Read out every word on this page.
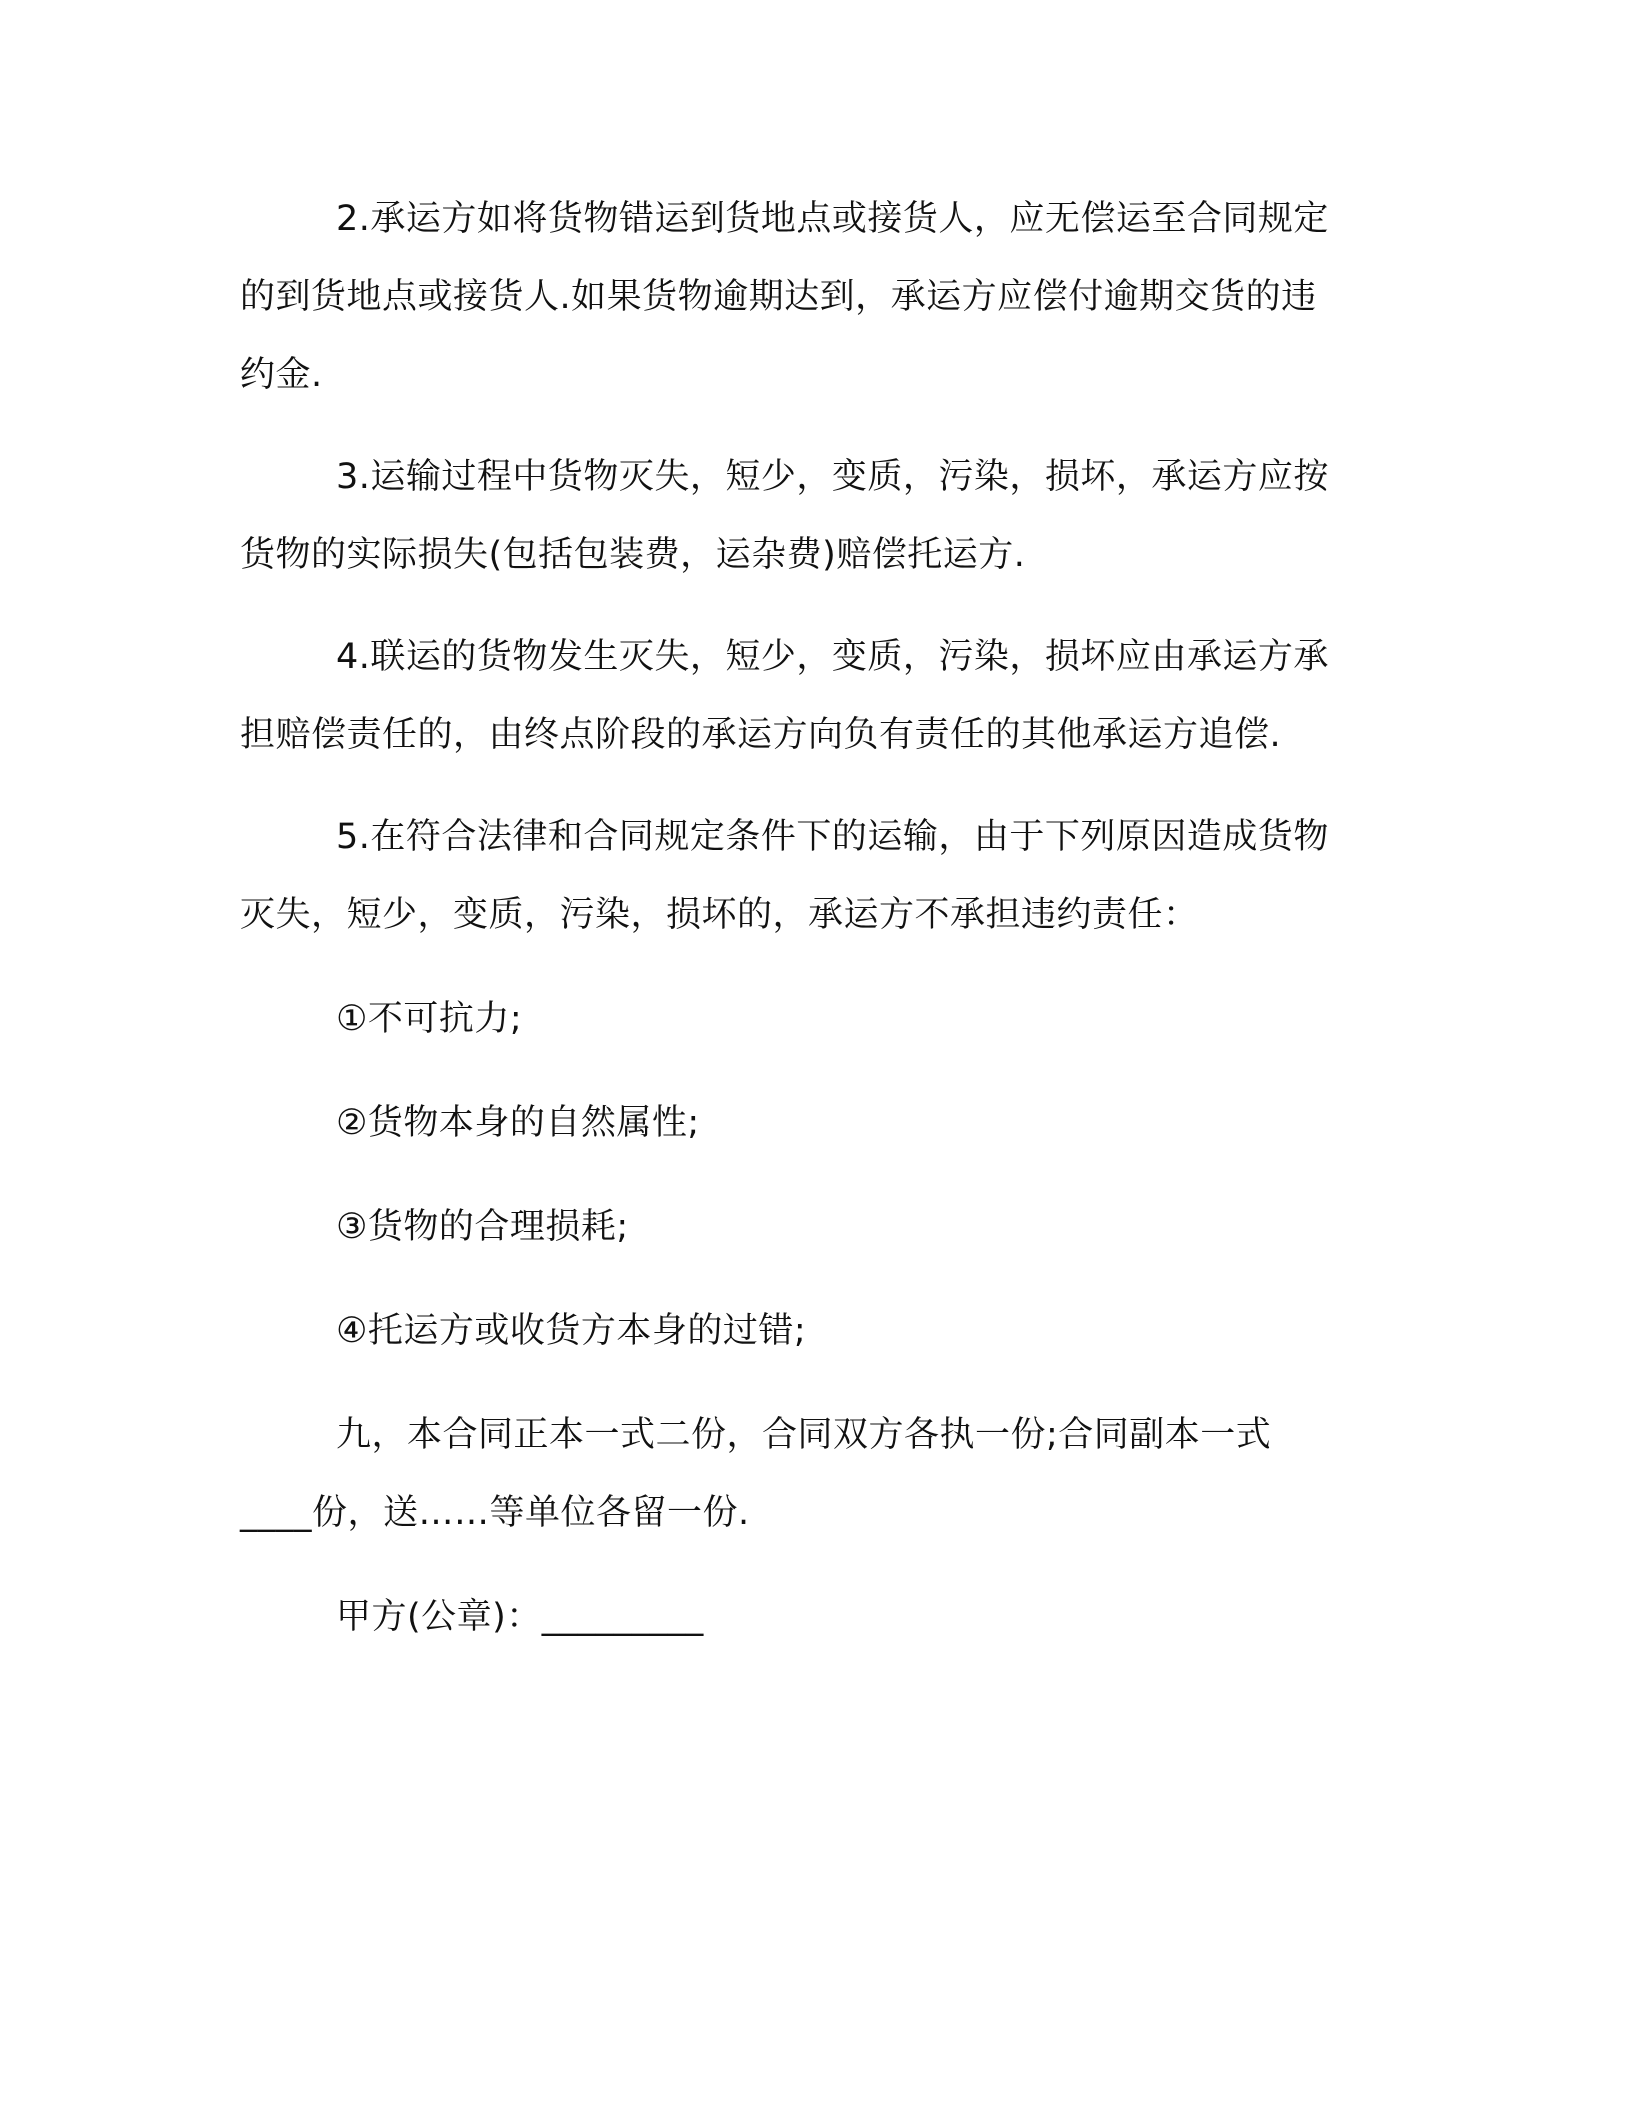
2.承运方如将货物错运到货地点或接货人，应无偿运至合同规定
的到货地点或接货人.如果货物逾期达到，承运方应偿付逾期交货的违
约金.

3.运输过程中货物灭失，短少，变质，污染，损坏，承运方应按
货物的实际损失(包括包装费，运杂费)赔偿托运方.

4.联运的货物发生灭失，短少，变质，污染，损坏应由承运方承
担赔偿责任的，由终点阶段的承运方向负有责任的其他承运方追偿.

5.在符合法律和合同规定条件下的运输，由于下列原因造成货物
灭失，短少，变质，污染，损坏的，承运方不承担违约责任：

①不可抗力;

②货物本身的自然属性;

③货物的合理损耗;

④托运方或收货方本身的过错;

九，本合同正本一式二份，合同双方各执一份;合同副本一式
____份，送……等单位各留一份.

甲方(公章)：_________
